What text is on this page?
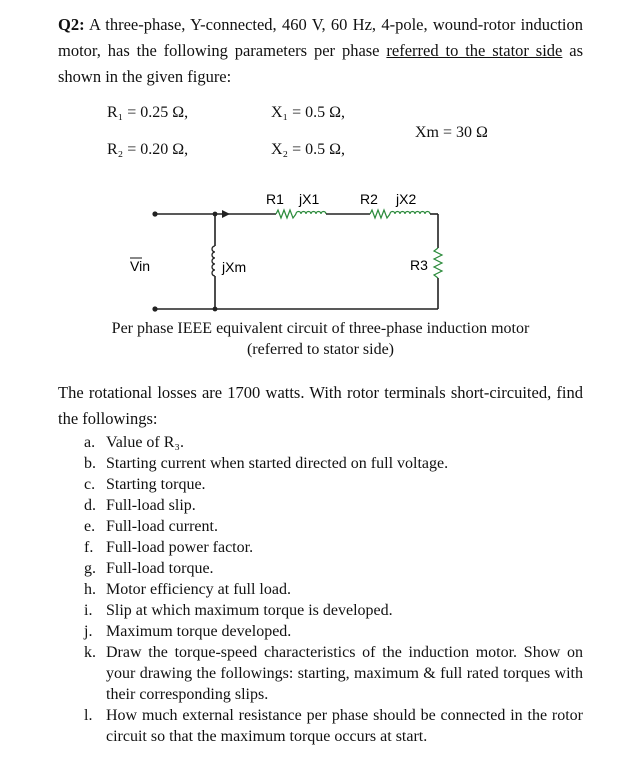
Q2: A three-phase, Y-connected, 460 V, 60 Hz, 4-pole, wound-rotor induction motor, has the following parameters per phase referred to the stator side as shown in the given figure:
R₁ = 0.25 Ω,	X₁ = 0.5 Ω,
Xm = 30 Ω
R₂ = 0.20 Ω,	X₂ = 0.5 Ω,
R1 jX1	R2 jX2
Vin	jXm	R3
Per phase IEEE equivalent circuit of three-phase induction motor
(referred to stator side)
The rotational losses are 1700 watts. With rotor terminals short-circuited, find the followings:
a. Value of R₃.
b. Starting current when started directed on full voltage.
c. Starting torque.
d. Full-load slip.
e. Full-load current.
f. Full-load power factor.
g. Full-load torque.
h. Motor efficiency at full load.
i. Slip at which maximum torque is developed.
j. Maximum torque developed.
k. Draw the torque-speed characteristics of the induction motor. Show on your drawing the followings: starting, maximum & full rated torques with their corresponding slips.
l. How much external resistance per phase should be connected in the rotor circuit so that the maximum torque occurs at start.
